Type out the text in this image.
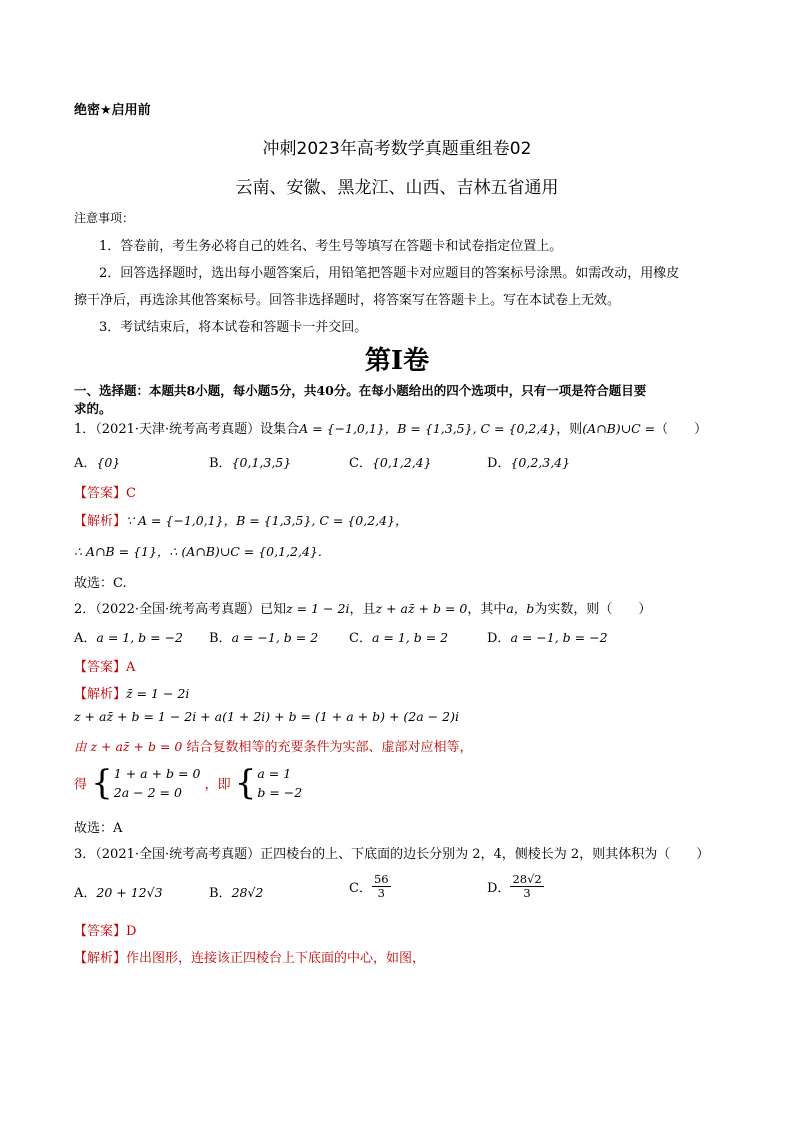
绝密★启用前
冲刺2023年高考数学真题重组卷02
云南、安徽、黑龙江、山西、吉林五省通用
注意事项：
1．答卷前，考生务必将自己的姓名、考生号等填写在答题卡和试卷指定位置上。
2．回答选择题时，选出每小题答案后，用铅笔把答题卡对应题目的答案标号涂黑。如需改动，用橡皮
擦干净后，再选涂其他答案标号。回答非选择题时，将答案写在答题卡上。写在本试卷上无效。
3．考试结束后，将本试卷和答题卡一并交回。
第I卷
一、选择题：本题共8小题，每小题5分，共40分。在每小题给出的四个选项中，只有一项是符合题目要
求的。
1．（2021·天津·统考高考真题）设集合A = {−1,0,1}，B = {1,3,5}, C = {0,2,4}，则(A∩B)∪C =（　　）
A．{0}	B．{0,1,3,5}	C．{0,1,2,4}	D．{0,2,3,4}
【答案】C
【解析】∵ A = {−1,0,1}，B = {1,3,5}, C = {0,2,4}，
∴ A∩B = {1}，∴ (A∩B)∪C = {0,1,2,4}.
故选：C.
2．（2022·全国·统考高考真题）已知z = 1 − 2i，且z + az̄ + b = 0，其中a，b为实数，则（　　）
A．a = 1, b = −2 B．a = −1, b = 2 C．a = 1, b = 2	D．a = −1, b = −2
【答案】A
【解析】z̄ = 1 − 2i
z + az̄ + b = 1 − 2i + a(1 + 2i) + b = (1 + a + b) + (2a − 2)i
由 z + az̄ + b = 0 结合复数相等的充要条件为实部、虚部对应相等，
得 { 1 + a + b = 0
2a − 2 = 0	，即 { a = 1
b = −2
故选：A
3．（2021·全国·统考高考真题）正四棱台的上、下底面的边长分别为 2，4，侧棱长为 2，则其体积为（　　）
A．20 + 12√3	B．28√2	C． $\frac{56}{3}$	D． $\frac{28√2}{3}$
【答案】D
【解析】作出图形，连接该正四棱台上下底面的中心，如图，
